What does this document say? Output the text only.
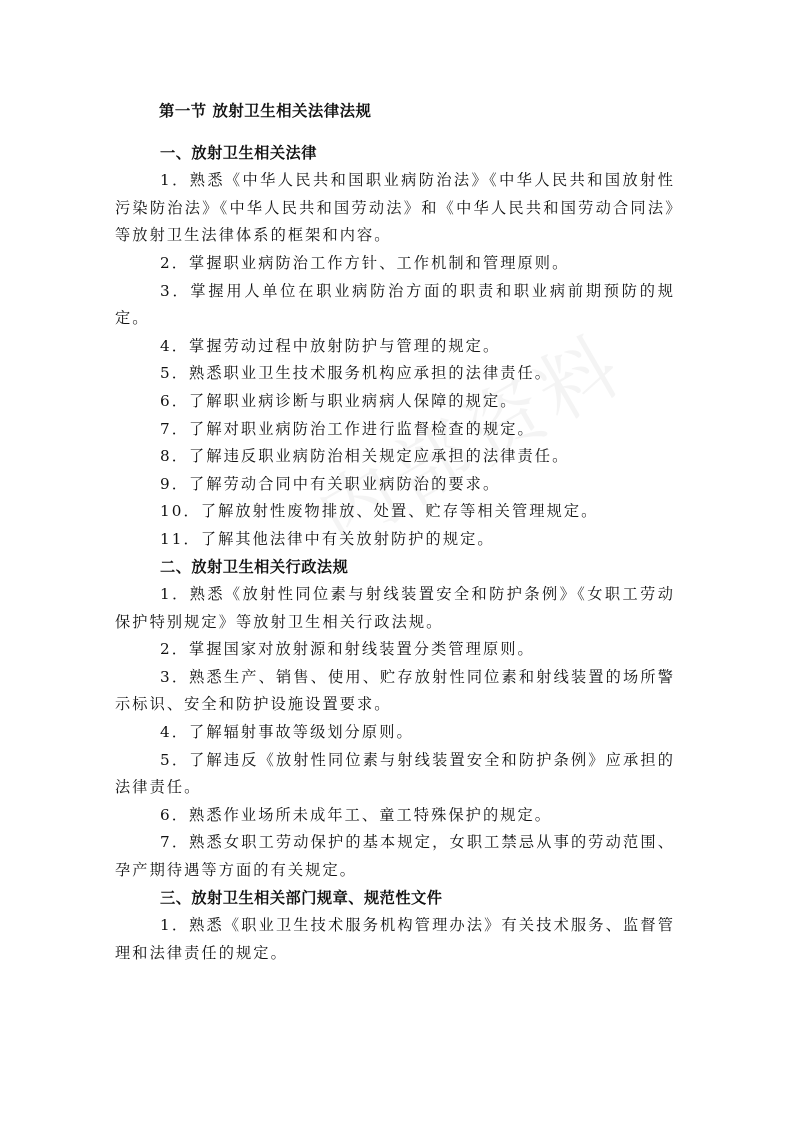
第一节 放射卫生相关法律法规

一、放射卫生相关法律

1．熟悉《中华人民共和国职业病防治法》《中华人民共和国放射性污染防治法》《中华人民共和国劳动法》和《中华人民共和国劳动合同法》等放射卫生法律体系的框架和内容。

2．掌握职业病防治工作方针、工作机制和管理原则。

3．掌握用人单位在职业病防治方面的职责和职业病前期预防的规定。

4．掌握劳动过程中放射防护与管理的规定。

5．熟悉职业卫生技术服务机构应承担的法律责任。

6．了解职业病诊断与职业病病人保障的规定。

7．了解对职业病防治工作进行监督检查的规定。

8．了解违反职业病防治相关规定应承担的法律责任。

9．了解劳动合同中有关职业病防治的要求。

10．了解放射性废物排放、处置、贮存等相关管理规定。

11．了解其他法律中有关放射防护的规定。

二、放射卫生相关行政法规

1．熟悉《放射性同位素与射线装置安全和防护条例》《女职工劳动保护特别规定》等放射卫生相关行政法规。

2．掌握国家对放射源和射线装置分类管理原则。

3．熟悉生产、销售、使用、贮存放射性同位素和射线装置的场所警示标识、安全和防护设施设置要求。

4．了解辐射事故等级划分原则。

5．了解违反《放射性同位素与射线装置安全和防护条例》应承担的法律责任。

6．熟悉作业场所未成年工、童工特殊保护的规定。

7．熟悉女职工劳动保护的基本规定，女职工禁忌从事的劳动范围、孕产期待遇等方面的有关规定。

三、放射卫生相关部门规章、规范性文件

1．熟悉《职业卫生技术服务机构管理办法》有关技术服务、监督管理和法律责任的规定。
